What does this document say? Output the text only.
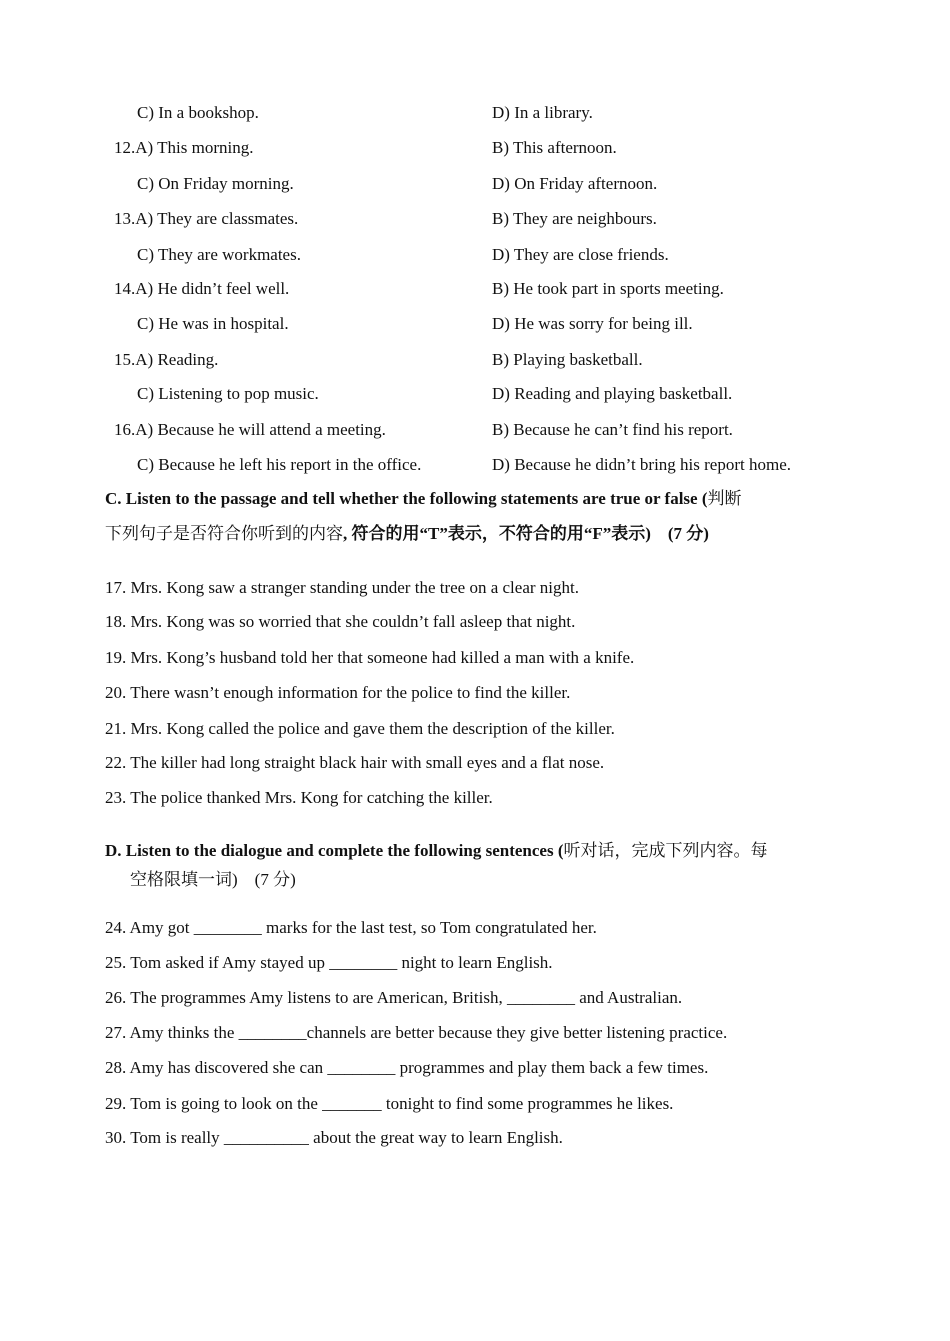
C) In a bookshop.	D) In a library.
12.A) This morning.	B) This afternoon.
C) On Friday morning.	D) On Friday afternoon.
13.A) They are classmates.	B) They are neighbours.
C) They are workmates.	D) They are close friends.
14.A) He didn’t feel well.	B) He took part in sports meeting.
C) He was in hospital.	D) He was sorry for being ill.
15.A) Reading.	B) Playing basketball.
C) Listening to pop music.	D) Reading and playing basketball.
16.A) Because he will attend a meeting.	B) Because he can’t find his report.
C) Because he left his report in the office.	D) Because he didn’t bring his report home.
C. Listen to the passage and tell whether the following statements are true or false (判断
下列句子是否符合你听到的内容, 符合的用“T”表示，不符合的用“F”表示)　(7 分)
17. Mrs. Kong saw a stranger standing under the tree on a clear night.
18. Mrs. Kong was so worried that she couldn’t fall asleep that night.
19. Mrs. Kong’s husband told her that someone had killed a man with a knife.
20. There wasn’t enough information for the police to find the killer.
21. Mrs. Kong called the police and gave them the description of the killer.
22. The killer had long straight black hair with small eyes and a flat nose.
23. The police thanked Mrs. Kong for catching the killer.
D. Listen to the dialogue and complete the following sentences (听对话，完成下列内容。每
空格限填一词)　(7 分)
24. Amy got ________ marks for the last test, so Tom congratulated her.
25. Tom asked if Amy stayed up ________ night to learn English.
26. The programmes Amy listens to are American, British, ________ and Australian.
27. Amy thinks the ________channels are better because they give better listening practice.
28. Amy has discovered she can ________ programmes and play them back a few times.
29. Tom is going to look on the _______ tonight to find some programmes he likes.
30. Tom is really __________ about the great way to learn English.
